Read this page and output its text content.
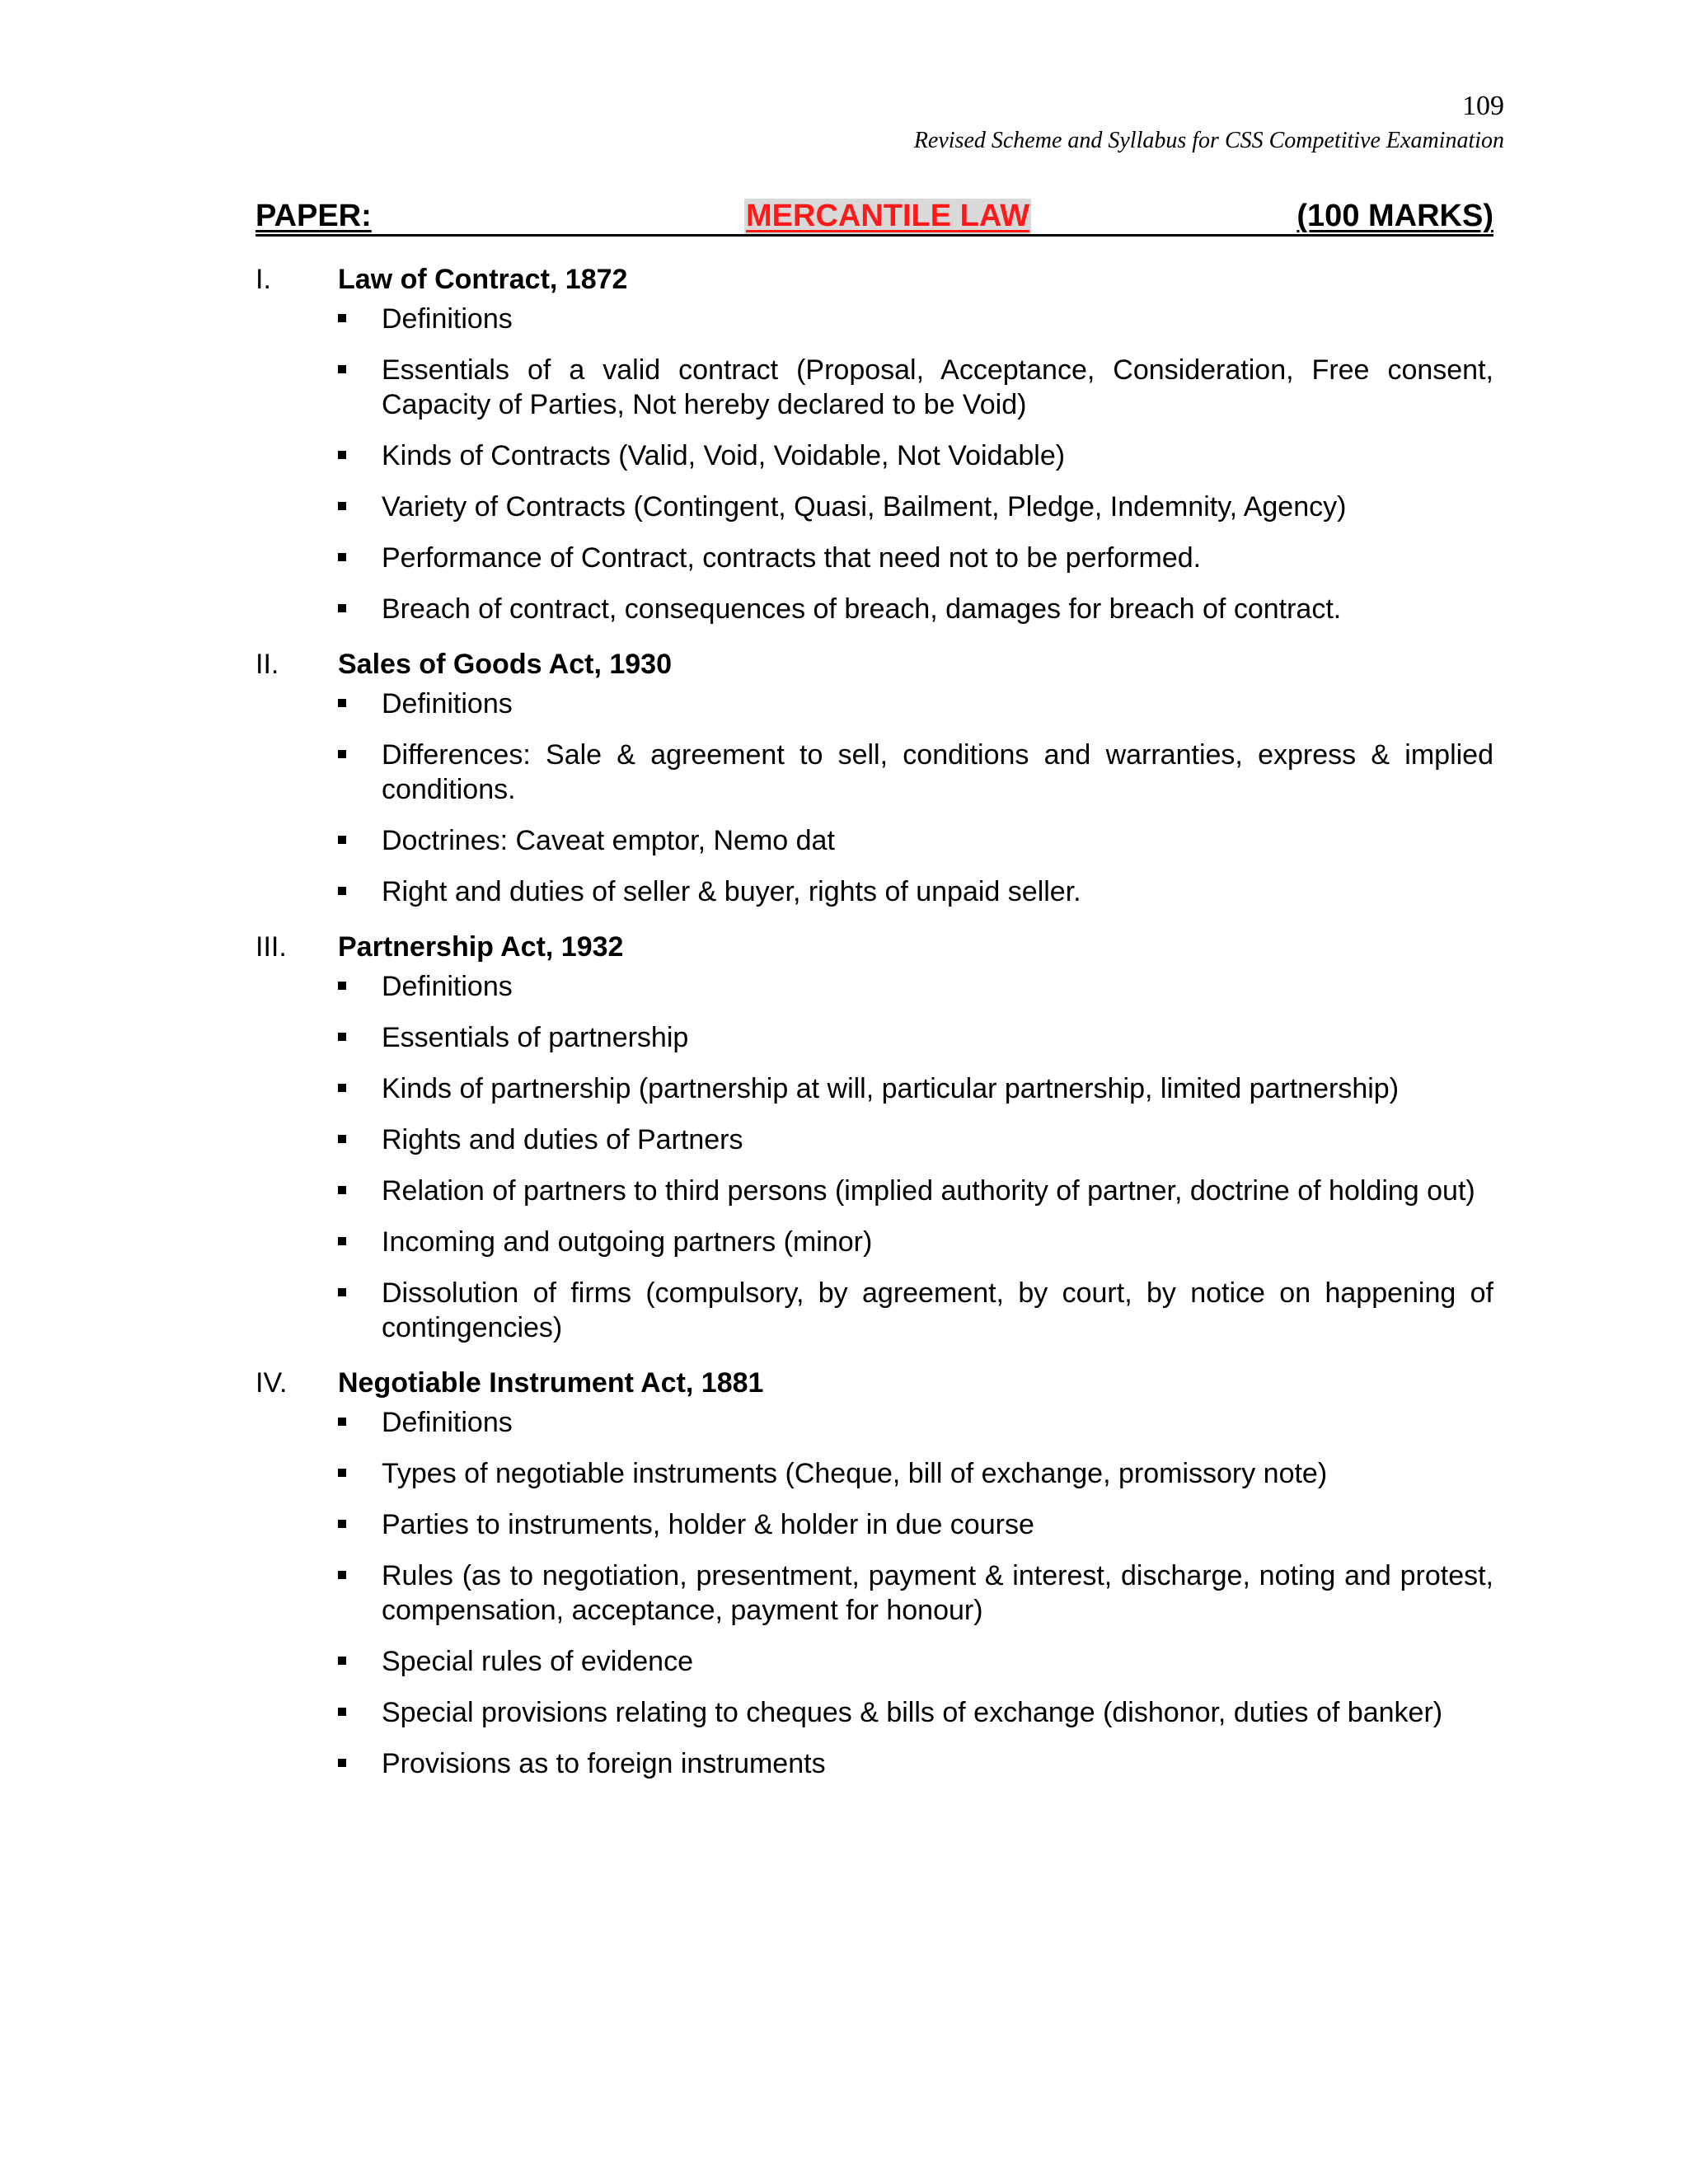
109
Revised Scheme and Syllabus for CSS Competitive Examination
PAPER:	MERCANTILE LAW	(100 MARKS)
I.	Law of Contract, 1872
Definitions
Essentials of a valid contract (Proposal, Acceptance, Consideration, Free consent, Capacity of Parties, Not hereby declared to be Void)
Kinds of Contracts (Valid, Void, Voidable, Not Voidable)
Variety of Contracts (Contingent, Quasi, Bailment, Pledge, Indemnity, Agency)
Performance of Contract, contracts that need not to be performed.
Breach of contract, consequences of breach, damages for breach of contract.
II.	Sales of Goods Act, 1930
Definitions
Differences: Sale & agreement to sell, conditions and warranties, express & implied conditions.
Doctrines: Caveat emptor, Nemo dat
Right and duties of seller & buyer, rights of unpaid seller.
III.	Partnership Act, 1932
Definitions
Essentials of partnership
Kinds of partnership (partnership at will, particular partnership, limited partnership)
Rights and duties of Partners
Relation of partners to third persons (implied authority of partner, doctrine of holding out)
Incoming and outgoing partners (minor)
Dissolution of firms (compulsory, by agreement, by court, by notice on happening of contingencies)
IV.	Negotiable Instrument Act, 1881
Definitions
Types of negotiable instruments (Cheque, bill of exchange, promissory note)
Parties to instruments, holder & holder in due course
Rules (as to negotiation, presentment, payment & interest, discharge, noting and protest, compensation, acceptance, payment for honour)
Special rules of evidence
Special provisions relating to cheques & bills of exchange (dishonor, duties of banker)
Provisions as to foreign instruments
